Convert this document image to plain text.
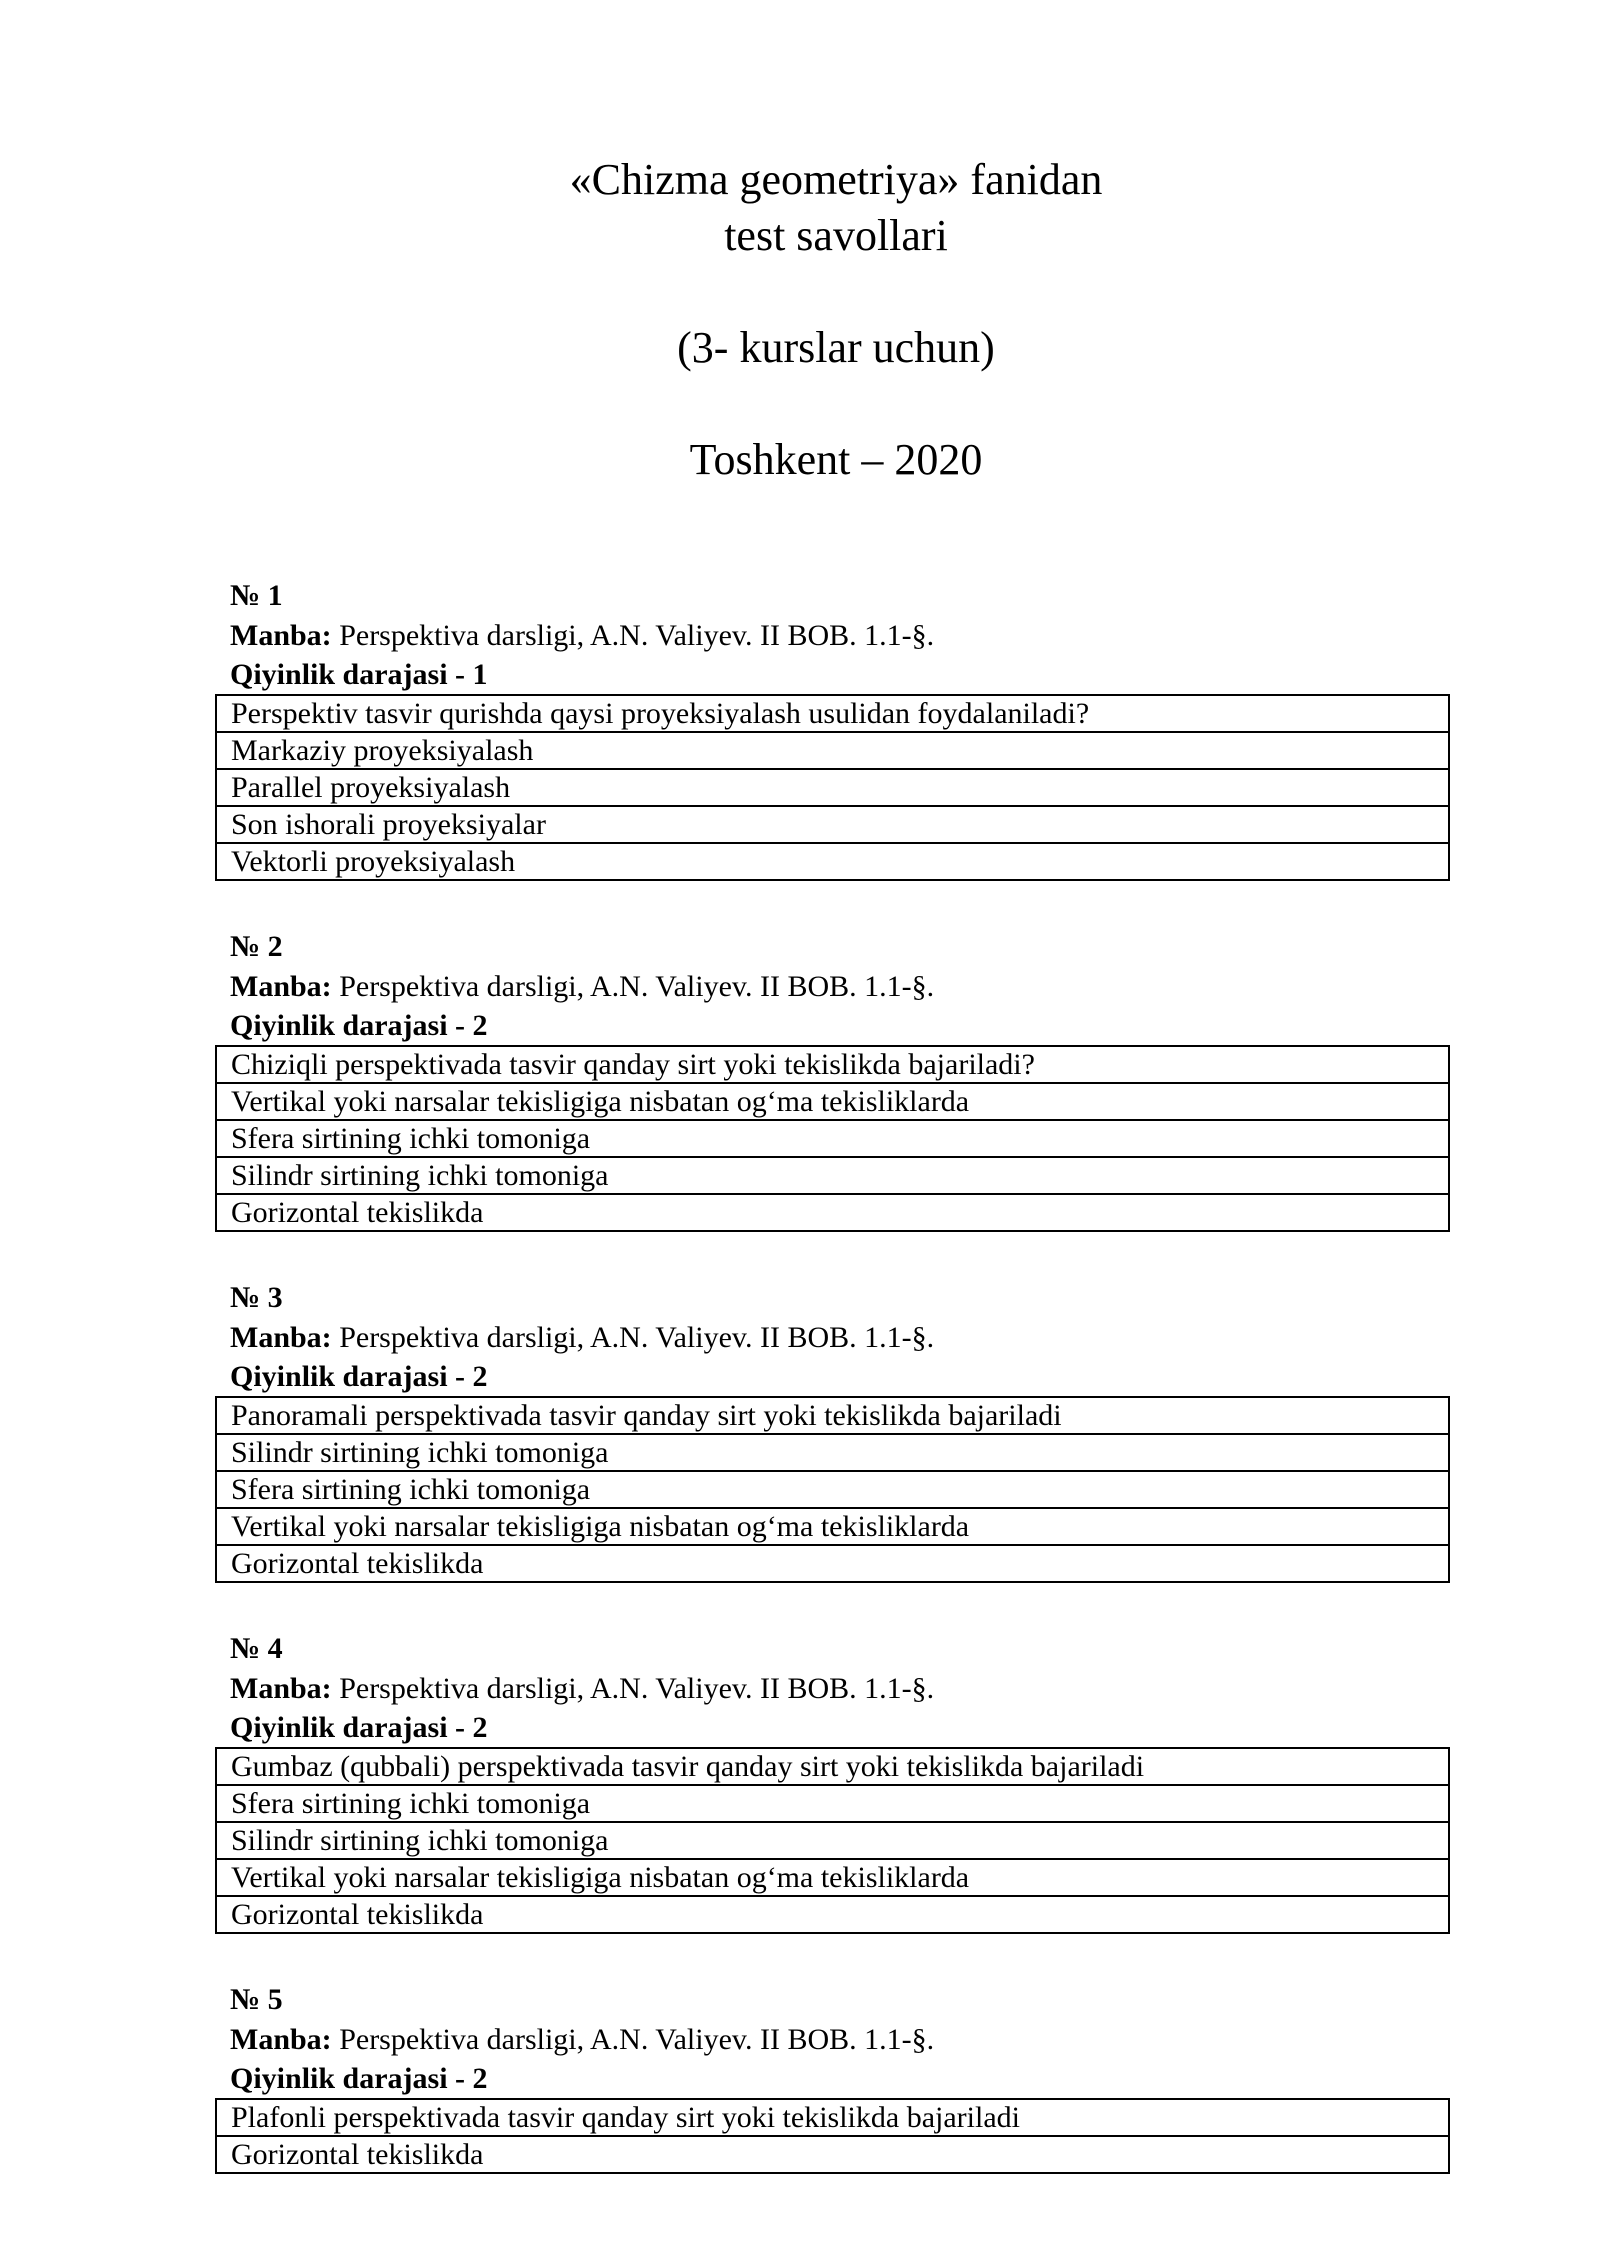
«Chizma geometriya» fanidan
test savollari
(3- kurslar uchun)
Toshkent – 2020
№ 1
Manba: Perspektiva darsligi, A.N. Valiyev. II BOB. 1.1-§.
Qiyinlik darajasi - 1
Perspektiv tasvir qurishda qaysi proyeksiyalash usulidan foydalaniladi?
Markaziy proyeksiyalash
Parallel proyeksiyalash
Son ishorali proyeksiyalar
Vektorli proyeksiyalash
№ 2
Manba: Perspektiva darsligi, A.N. Valiyev. II BOB. 1.1-§.
Qiyinlik darajasi - 2
Chiziqli perspektivada tasvir qanday sirt yoki tekislikda bajariladi?
Vertikal yoki narsalar tekisligiga nisbatan og‘ma tekisliklarda
Sfera sirtining ichki tomoniga
Silindr sirtining ichki tomoniga
Gorizontal tekislikda
№ 3
Manba: Perspektiva darsligi, A.N. Valiyev. II BOB. 1.1-§.
Qiyinlik darajasi - 2
Panoramali perspektivada tasvir qanday sirt yoki tekislikda bajariladi
Silindr sirtining ichki tomoniga
Sfera sirtining ichki tomoniga
Vertikal yoki narsalar tekisligiga nisbatan og‘ma tekisliklarda
Gorizontal tekislikda
№ 4
Manba: Perspektiva darsligi, A.N. Valiyev. II BOB. 1.1-§.
Qiyinlik darajasi - 2
Gumbaz (qubbali) perspektivada tasvir qanday sirt yoki tekislikda bajariladi
Sfera sirtining ichki tomoniga
Silindr sirtining ichki tomoniga
Vertikal yoki narsalar tekisligiga nisbatan og‘ma tekisliklarda
Gorizontal tekislikda
№ 5
Manba: Perspektiva darsligi, A.N. Valiyev. II BOB. 1.1-§.
Qiyinlik darajasi - 2
Plafonli perspektivada tasvir qanday sirt yoki tekislikda bajariladi
Gorizontal tekislikda
